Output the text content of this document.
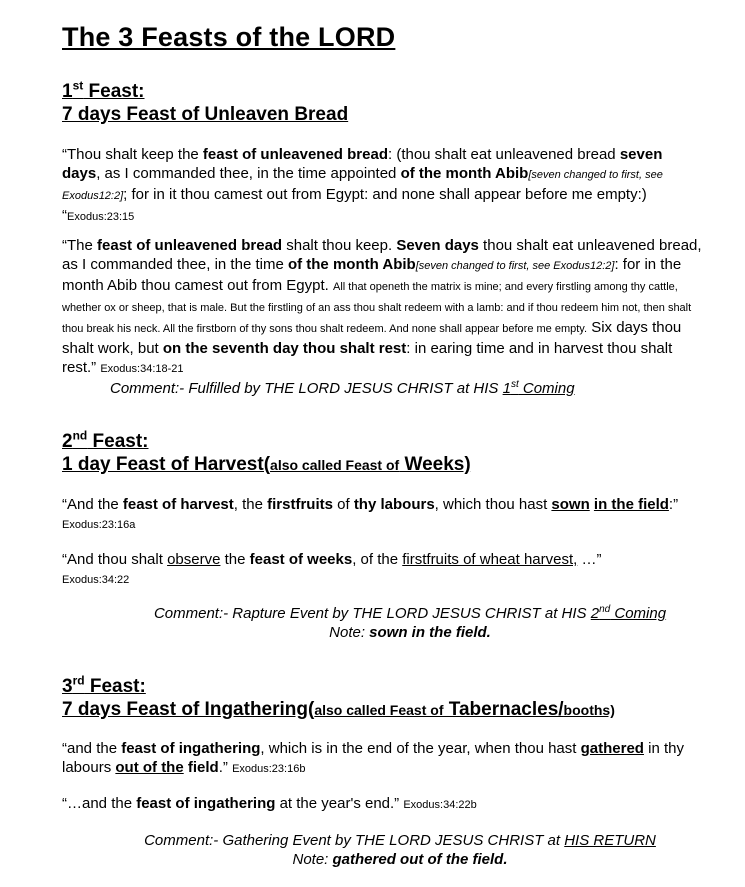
The 3 Feasts of the LORD
1st Feast:
7 days Feast of Unleaven Bread

“Thou shalt keep the feast of unleavened bread: (thou shalt eat unleavened bread seven days, as I commanded thee, in the time appointed of the month Abib[seven changed to first, see Exodus12:2]; for in it thou camest out from Egypt: and none shall appear before me empty:) “Exodus:23:15

“The feast of unleavened bread shalt thou keep. Seven days thou shalt eat unleavened bread, as I commanded thee, in the time of the month Abib[seven changed to first, see Exodus12:2]: for in the month Abib thou camest out from Egypt. All that openeth the matrix is mine; and every firstling among thy cattle, whether ox or sheep, that is male. But the firstling of an ass thou shalt redeem with a lamb: and if thou redeem him not, then shalt thou break his neck. All the firstborn of thy sons thou shalt redeem. And none shall appear before me empty. Six days thou shalt work, but on the seventh day thou shalt rest: in earing time and in harvest thou shalt rest.” Exodus:34:18-21

Comment:- Fulfilled by THE LORD JESUS CHRIST at HIS 1st Coming

2nd Feast:
1 day Feast of Harvest(also called Feast of Weeks)

“And the feast of harvest, the firstfruits of thy labours, which thou hast sown in the field:” Exodus:23:16a

“And thou shalt observe the feast of weeks, of the firstfruits of wheat harvest, …”
Exodus:34:22

Comment:- Rapture Event by THE LORD JESUS CHRIST at HIS 2nd Coming
Note: sown in the field.
3rd Feast:
7 days Feast of Ingathering(also called Feast of Tabernacles/booths)

“and the feast of ingathering, which is in the end of the year, when thou hast gathered in thy labours out of the field.” Exodus:23:16b

“…and the feast of ingathering at the year's end.” Exodus:34:22b

Comment:- Gathering Event by THE LORD JESUS CHRIST at HIS RETURN
Note: gathered out of the field.
